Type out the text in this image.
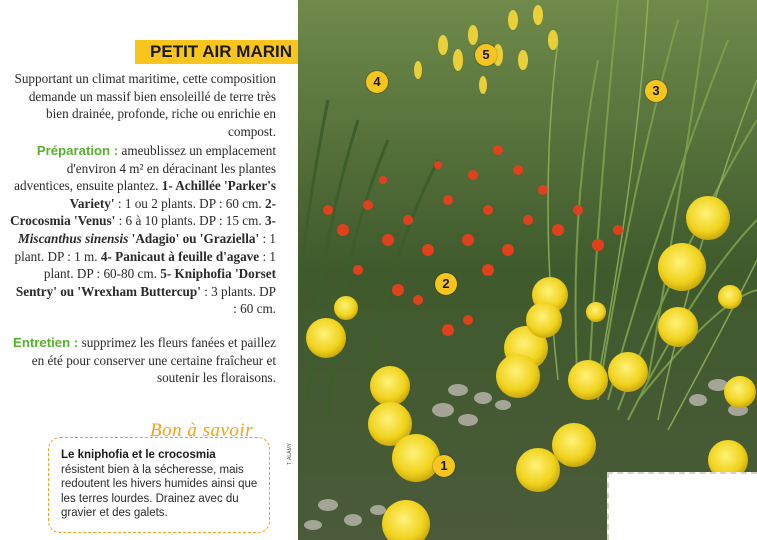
PETIT AIR MARIN
Supportant un climat maritime, cette composition demande un massif bien ensoleillé de terre très bien drainée, profonde, riche ou enrichie en compost.
Préparation : ameublissez un emplacement d'environ 4 m² en déracinant les plantes adventices, ensuite plantez. 1- Achillée 'Parker's Variety' : 1 ou 2 plants. DP : 60 cm. 2- Crocosmia 'Venus' : 6 à 10 plants. DP : 15 cm. 3- Miscanthus sinensis 'Adagio' ou 'Graziella' : 1 plant. DP : 1 m. 4- Panicaut à feuille d'agave : 1 plant. DP : 60-80 cm. 5- Kniphofia 'Dorset Sentry' ou 'Wrexham Buttercup' : 3 plants. DP : 60 cm.
Entretien : supprimez les fleurs fanées et paillez en été pour conserver une certaine fraîcheur et soutenir les floraisons.
Le kniphofia et le crocosmia
résistent bien à la sécheresse, mais redoutent les hivers humides ainsi que les terres lourdes. Drainez avec du gravier et des galets.
Bon à savoir
1
2
3
4
5
T. ALAMY
